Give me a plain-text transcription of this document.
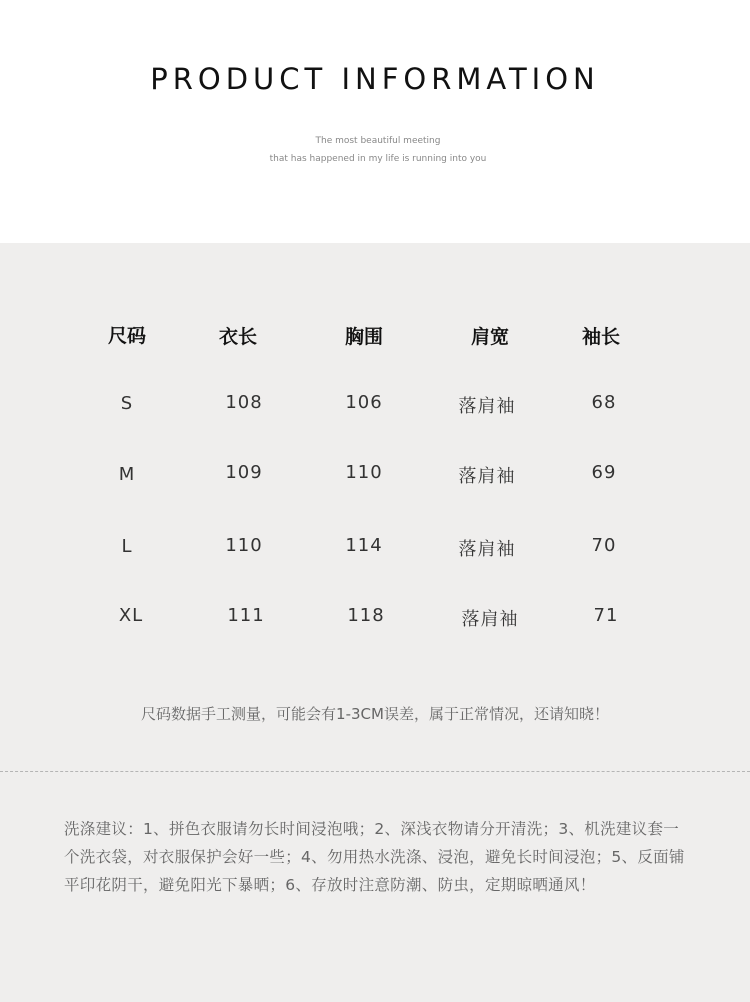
PRODUCT INFORMATION
The most beautiful meeting
that has happened in my life is running into you
尺码	衣长	胸围	肩宽	袖长
S	108	106	落肩袖	68
M	109	110	落肩袖	69
L	110	114	落肩袖	70
XL	111	118	落肩袖	71
尺码数据手工测量，可能会有1-3CM误差，属于正常情况，还请知晓！
洗涤建议：1、拼色衣服请勿长时间浸泡哦；2、深浅衣物请分开清洗；3、机洗建议套一个洗衣袋，对衣服保护会好一些；4、勿用热水洗涤、浸泡，避免长时间浸泡；5、反面铺平印花阴干，避免阳光下暴晒；6、存放时注意防潮、防虫，定期晾晒通风！
